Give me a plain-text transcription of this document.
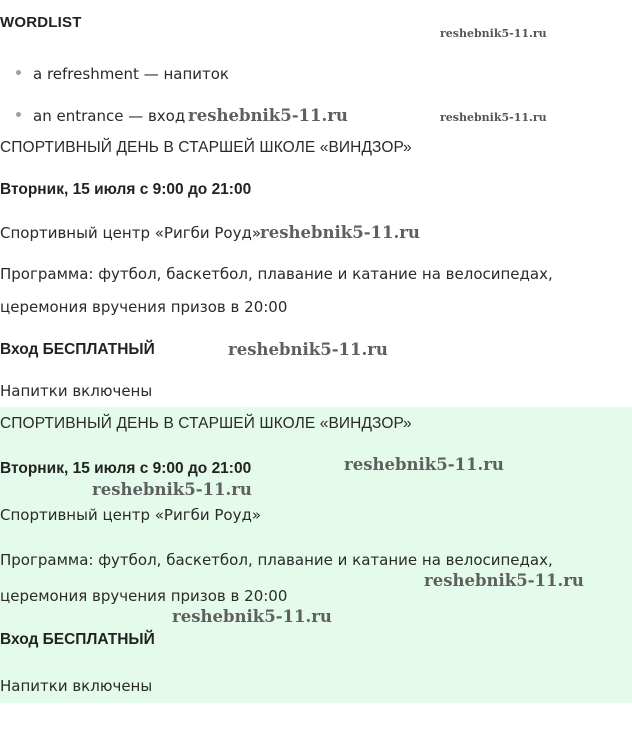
WORDLIST
a refreshment — напиток
an entrance — вход
СПОРТИВНЫЙ ДЕНЬ В СТАРШЕЙ ШКОЛЕ «ВИНДЗОР»
Вторник, 15 июля с 9:00 до 21:00
Спортивный центр «Ригби Роуд»
Программа: футбол, баскетбол, плавание и катание на велосипедах,
церемония вручения призов в 20:00
Вход БЕСПЛАТНЫЙ
Напитки включены
СПОРТИВНЫЙ ДЕНЬ В СТАРШЕЙ ШКОЛЕ «ВИНДЗОР»
Вторник, 15 июля с 9:00 до 21:00
Спортивный центр «Ригби Роуд»
Программа: футбол, баскетбол, плавание и катание на велосипедах,
церемония вручения призов в 20:00
Вход БЕСПЛАТНЫЙ
Напитки включены
reshebnik5-11.ru
reshebnik5-11.ru	reshebnik5-11.ru
reshebnik5-11.ru
reshebnik5-11.ru
reshebnik5-11.ru
reshebnik5-11.ru
reshebnik5-11.ru
reshebnik5-11.ru
